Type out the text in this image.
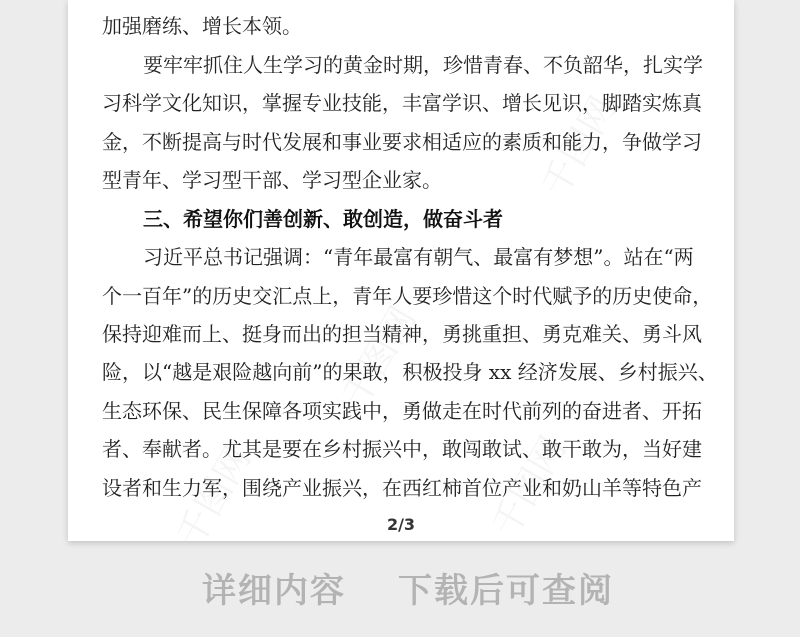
千图网
千图网
千图网
千图网
加强磨练、增长本领。
要牢牢抓住人生学习的黄金时期，珍惜青春、不负韶华，扎实学
习科学文化知识，掌握专业技能，丰富学识、增长见识，脚踏实炼真
金，不断提高与时代发展和事业要求相适应的素质和能力，争做学习
型青年、学习型干部、学习型企业家。
三、希望你们善创新、敢创造，做奋斗者
习近平总书记强调：“青年最富有朝气、最富有梦想”。站在“两
个一百年”的历史交汇点上，青年人要珍惜这个时代赋予的历史使命，
保持迎难而上、挺身而出的担当精神，勇挑重担、勇克难关、勇斗风
险，以“越是艰险越向前”的果敢，积极投身 xx 经济发展、乡村振兴、
生态环保、民生保障各项实践中，勇做走在时代前列的奋进者、开拓
者、奉献者。尤其是要在乡村振兴中，敢闯敢试、敢干敢为，当好建
设者和生力军，围绕产业振兴，在西红柿首位产业和奶山羊等特色产
2/3
详细内容 下载后可查阅
